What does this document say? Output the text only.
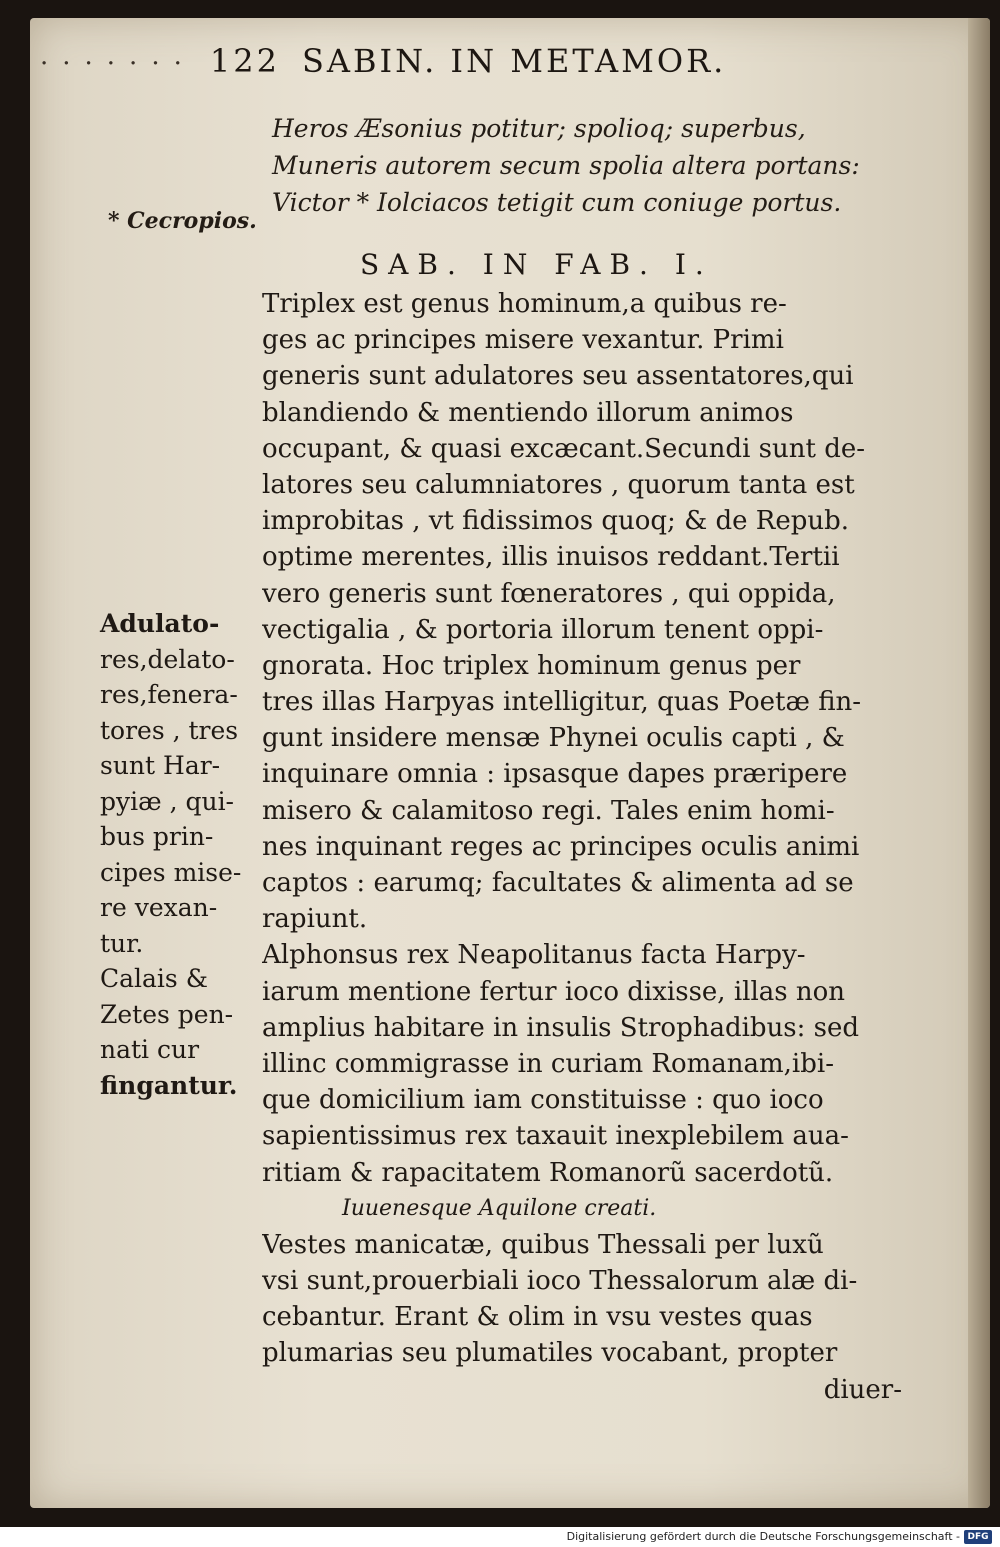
······· 122 SABIN. IN METAMOR.
Heros Æsonius potitur; spolioq; superbus,
Muneris autorem secum spolia altera portans:
Victor * Iolciacos tetigit cum coniuge portus.
* Cecropios.
SAB. IN FAB. I.
Triplex est genus hominum,a quibus re-
ges ac principes misere vexantur. Primi
generis sunt adulatores seu assentatores,qui
blandiendo & mentiendo illorum animos
occupant, & quasi excæcant.Secundi sunt de-
latores seu calumniatores , quorum tanta est
improbitas , vt fidissimos quoq; & de Repub.
optime merentes, illis inuisos reddant.Tertii
vero generis sunt fœneratores , qui oppida,
vectigalia , & portoria illorum tenent oppi-
gnorata. Hoc triplex hominum genus per
tres illas Harpyas intelligitur, quas Poetæ fin-
gunt insidere mensæ Phynei oculis capti , &
inquinare omnia : ipsasque dapes præripere
misero & calamitoso regi. Tales enim homi-
nes inquinant reges ac principes oculis animi
captos : earumq; facultates & alimenta ad se
rapiunt.
Alphonsus rex Neapolitanus facta Harpy-
iarum mentione fertur ioco dixisse, illas non
amplius habitare in insulis Strophadibus: sed
illinc commigrasse in curiam Romanam,ibi-
que domicilium iam constituisse : quo ioco
sapientissimus rex taxauit inexplebilem aua-
ritiam & rapacitatem Romanorũ sacerdotũ.
Iuuenesque Aquilone creati.
Vestes manicatæ, quibus Thessali per luxũ
vsi sunt,prouerbiali ioco Thessalorum alæ di-
cebantur. Erant & olim in vsu vestes quas
plumarias seu plumatiles vocabant, propter
diuer-
Adulato-
res,delato-
res,fenera-
tores , tres
sunt Har-
pyiæ , qui-
bus prin-
cipes mise-
re vexan-
tur.
Calais &
Zetes pen-
nati cur
fingantur.
Digitalisierung gefördert durch die Deutsche Forschungsgemeinschaft - DFG
